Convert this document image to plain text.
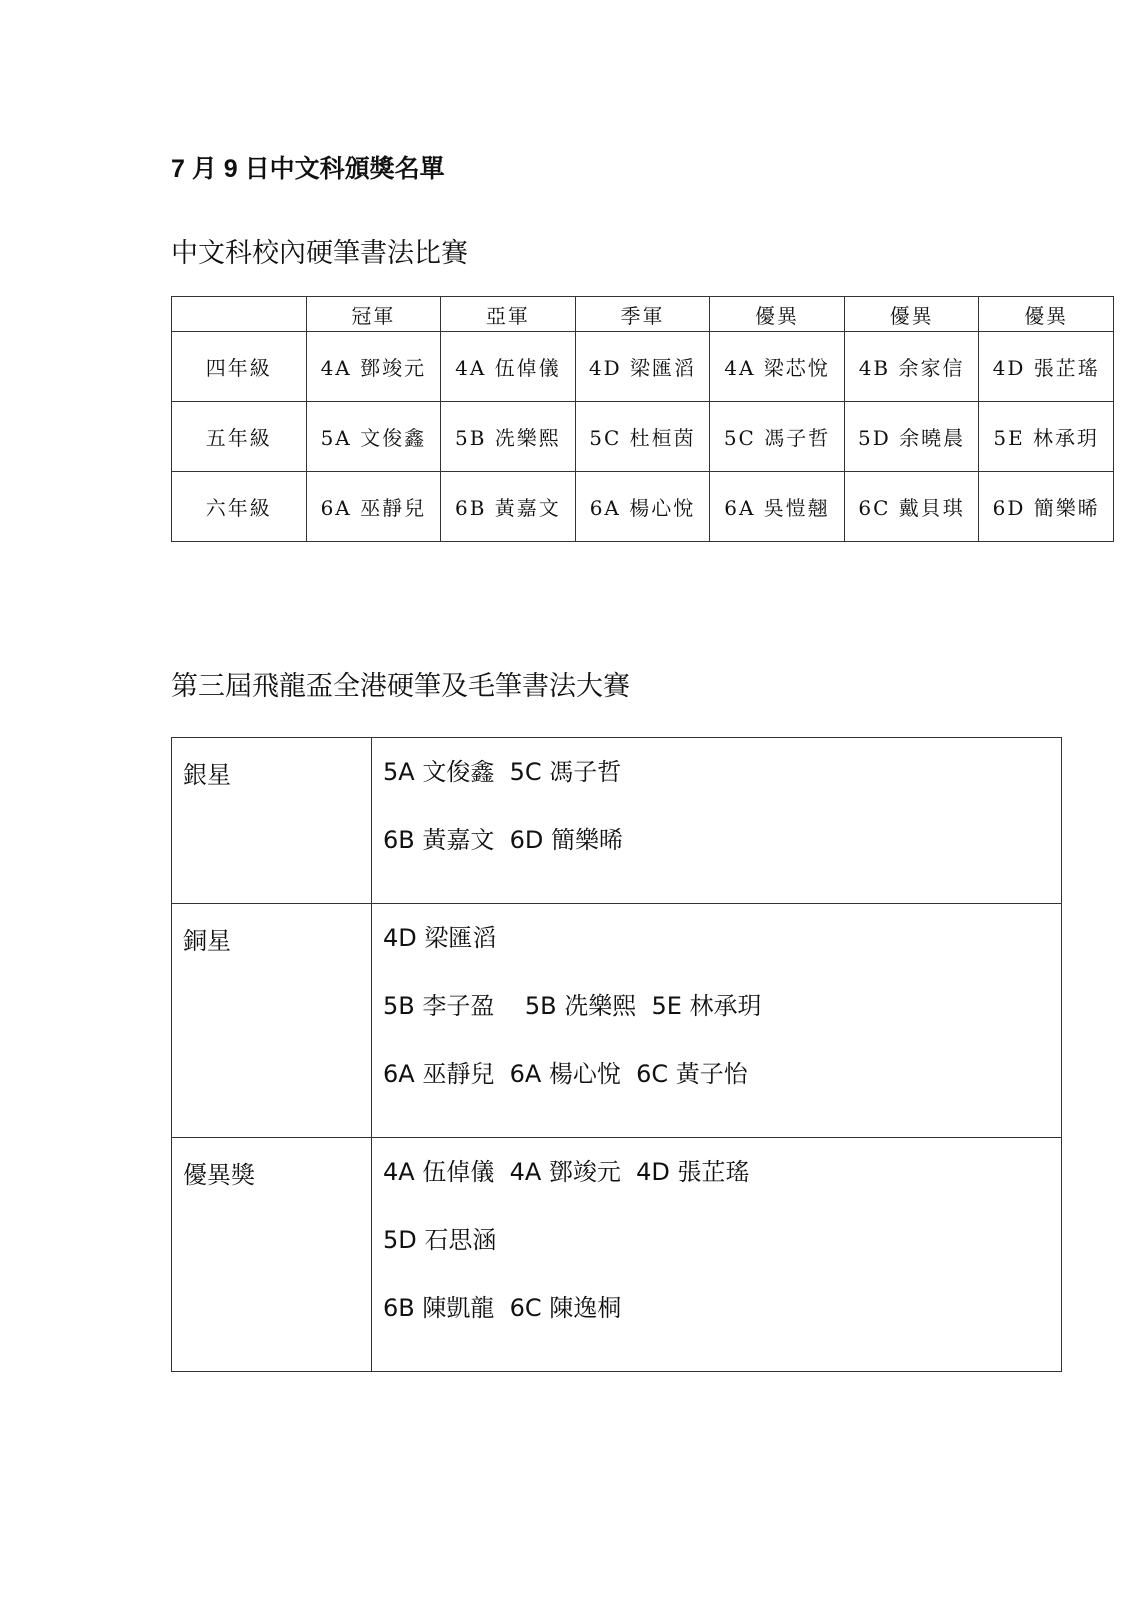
7 月 9 日中文科頒獎名單
中文科校內硬筆書法比賽
	冠軍	亞軍	季軍	優異	優異	優異
四年級	4A 鄧竣元	4A 伍倬儀	4D 梁匯滔	4A 梁芯悅	4B 余家信	4D 張芷瑤
五年級	5A 文俊鑫	5B 冼樂熙	5C 杜桓茵	5C 馮子哲	5D 余曉晨	5E 林承玥
六年級	6A 巫靜兒	6B 黃嘉文	6A 楊心悅	6A 吳愷翹	6C 戴貝琪	6D 簡樂晞
第三屆飛龍盃全港硬筆及毛筆書法大賽
銀星	5A 文俊鑫  5C 馮子哲
6B 黃嘉文  6D 簡樂晞

銅星	4D 梁匯滔
5B 李子盈    5B 冼樂熙  5E 林承玥
6A 巫靜兒  6A 楊心悅  6C 黃子怡

優異獎	4A 伍倬儀  4A 鄧竣元  4D 張芷瑤
5D 石思涵
6B 陳凱龍  6C 陳逸桐
